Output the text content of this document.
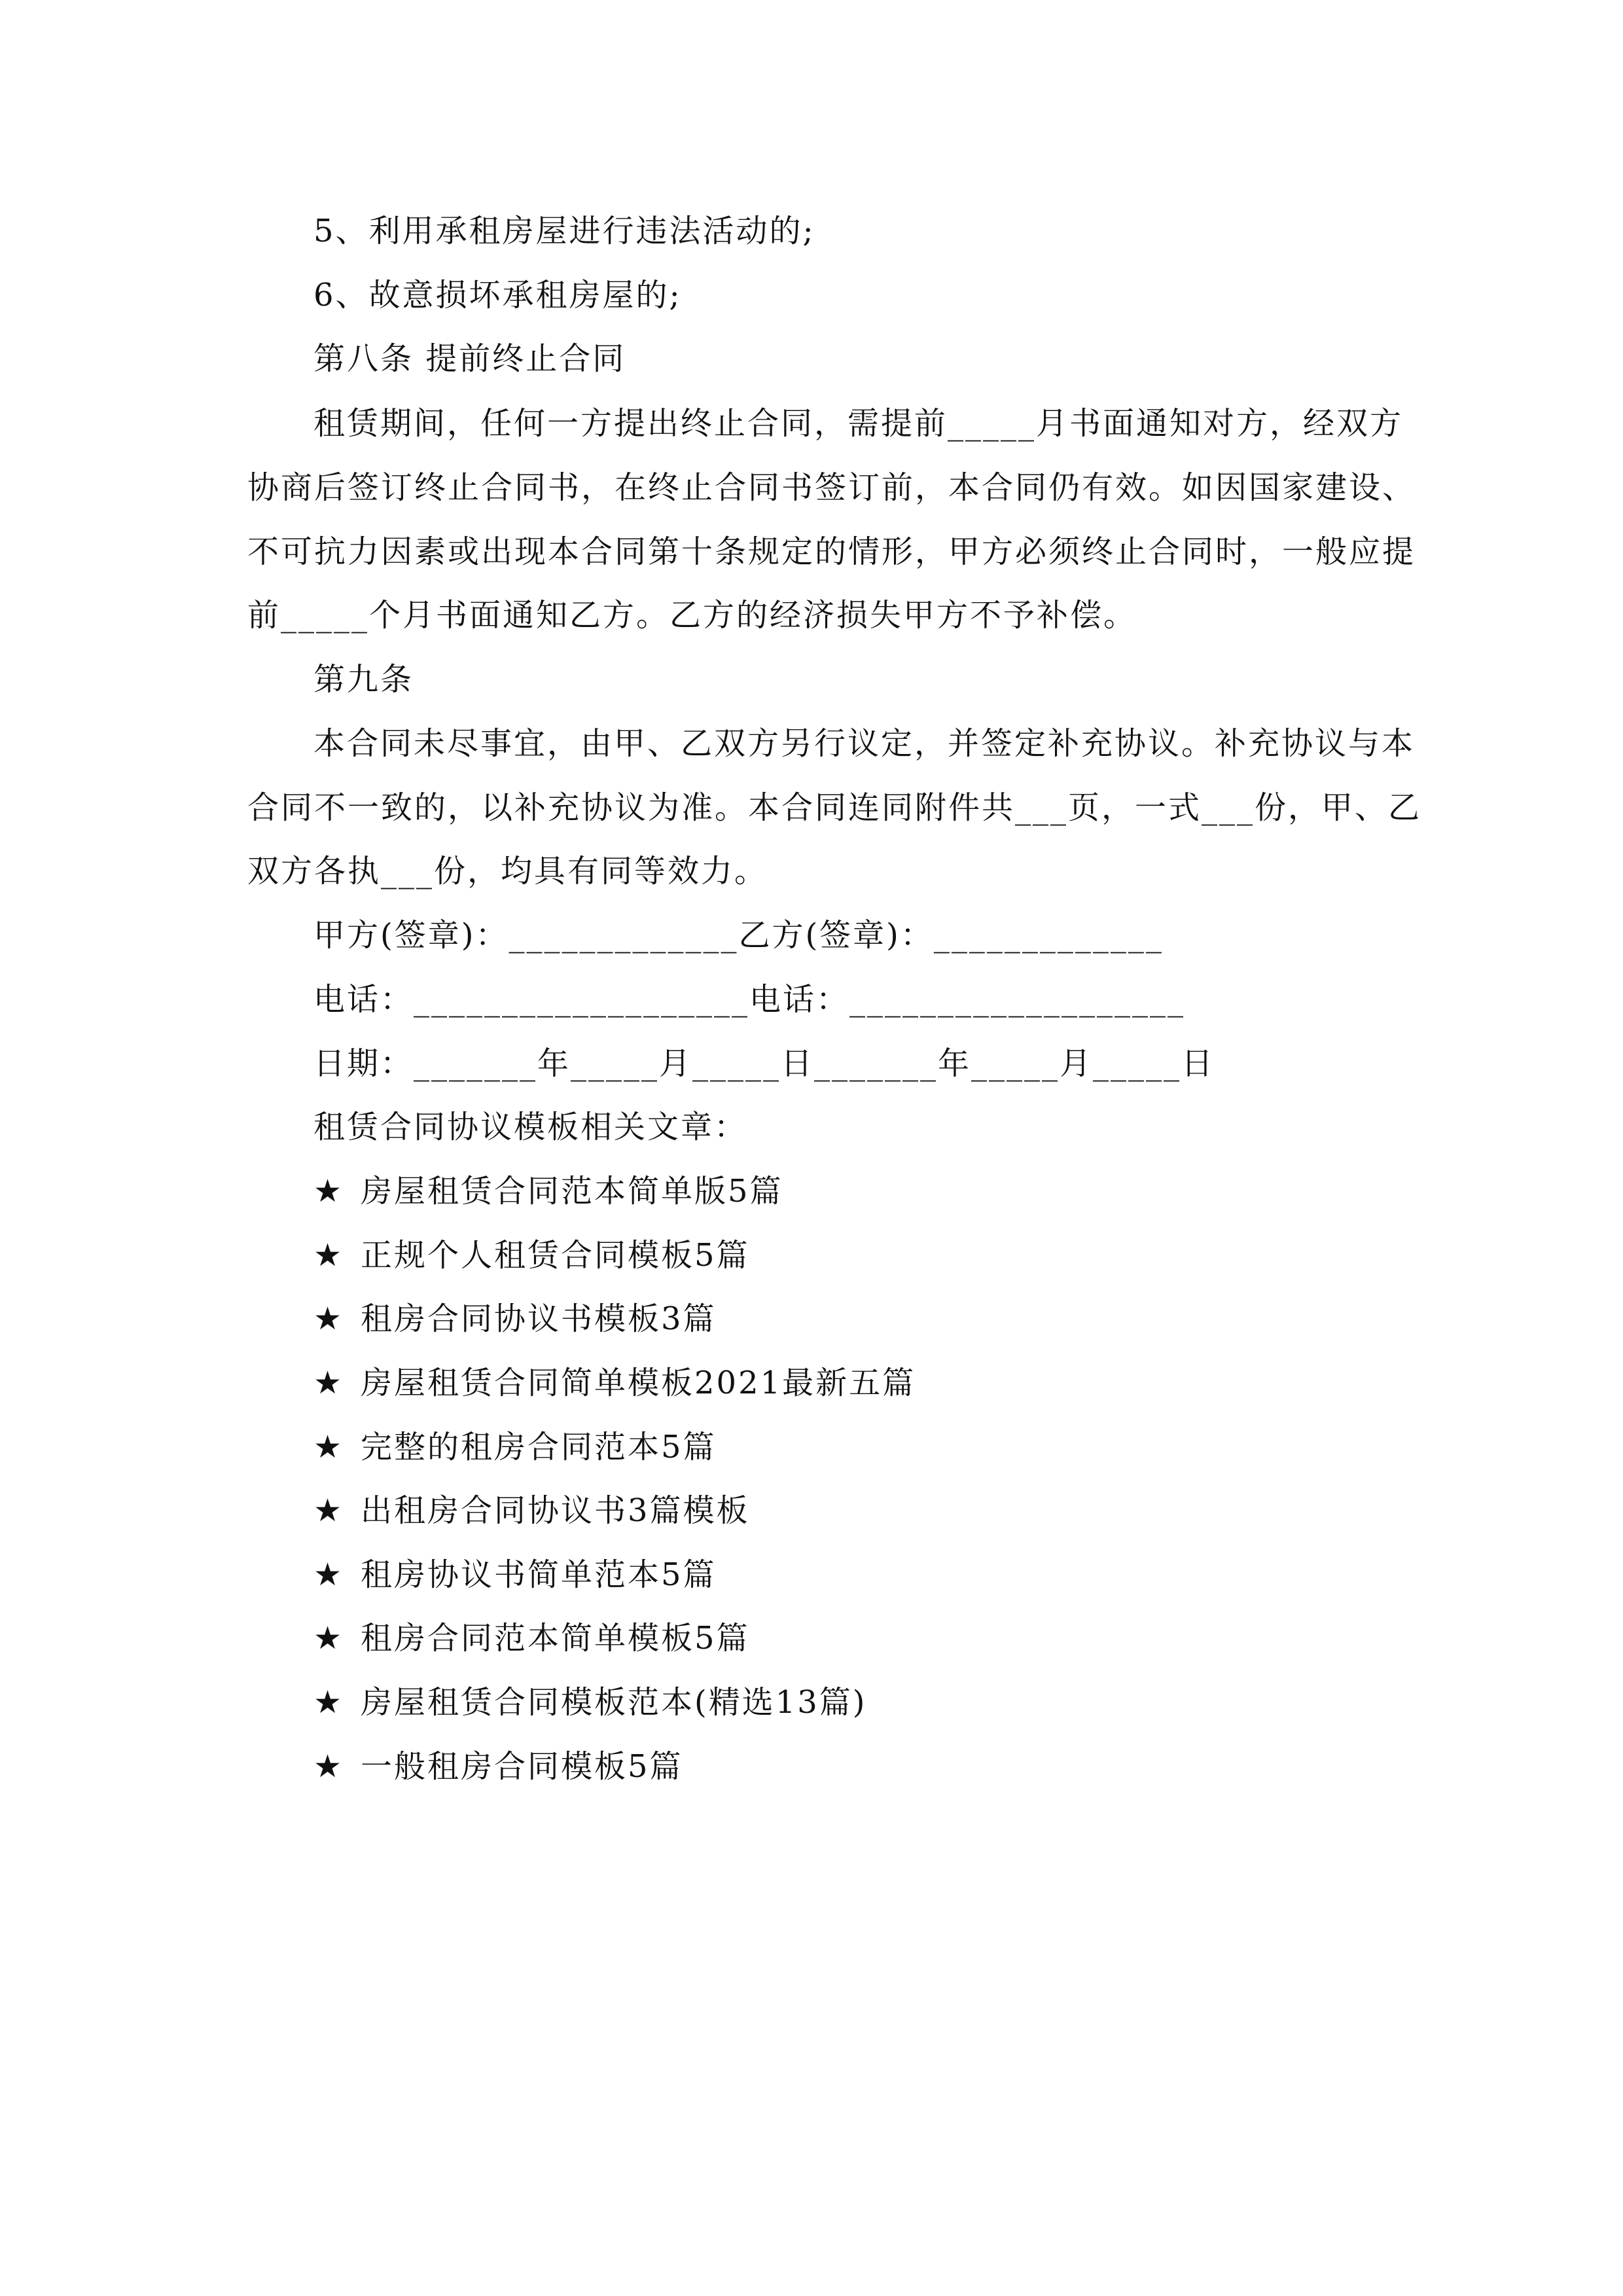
5、利用承租房屋进行违法活动的;
6、故意损坏承租房屋的;
第八条 提前终止合同
租赁期间，任何一方提出终止合同，需提前_____月书面通知对方，经双方
协商后签订终止合同书，在终止合同书签订前，本合同仍有效。如因国家建设、
不可抗力因素或出现本合同第十条规定的情形，甲方必须终止合同时，一般应提
前_____个月书面通知乙方。乙方的经济损失甲方不予补偿。
第九条
本合同未尽事宜，由甲、乙双方另行议定，并签定补充协议。补充协议与本
合同不一致的，以补充协议为准。本合同连同附件共___页，一式___份，甲、乙
双方各执___份，均具有同等效力。
甲方(签章)：_____________乙方(签章)：_____________
电话：___________________电话：___________________
日期：_______年_____月_____日_______年_____月_____日
租赁合同协议模板相关文章：
★ 房屋租赁合同范本简单版5篇
★ 正规个人租赁合同模板5篇
★ 租房合同协议书模板3篇
★ 房屋租赁合同简单模板2021最新五篇
★ 完整的租房合同范本5篇
★ 出租房合同协议书3篇模板
★ 租房协议书简单范本5篇
★ 租房合同范本简单模板5篇
★ 房屋租赁合同模板范本(精选13篇)
★ 一般租房合同模板5篇
